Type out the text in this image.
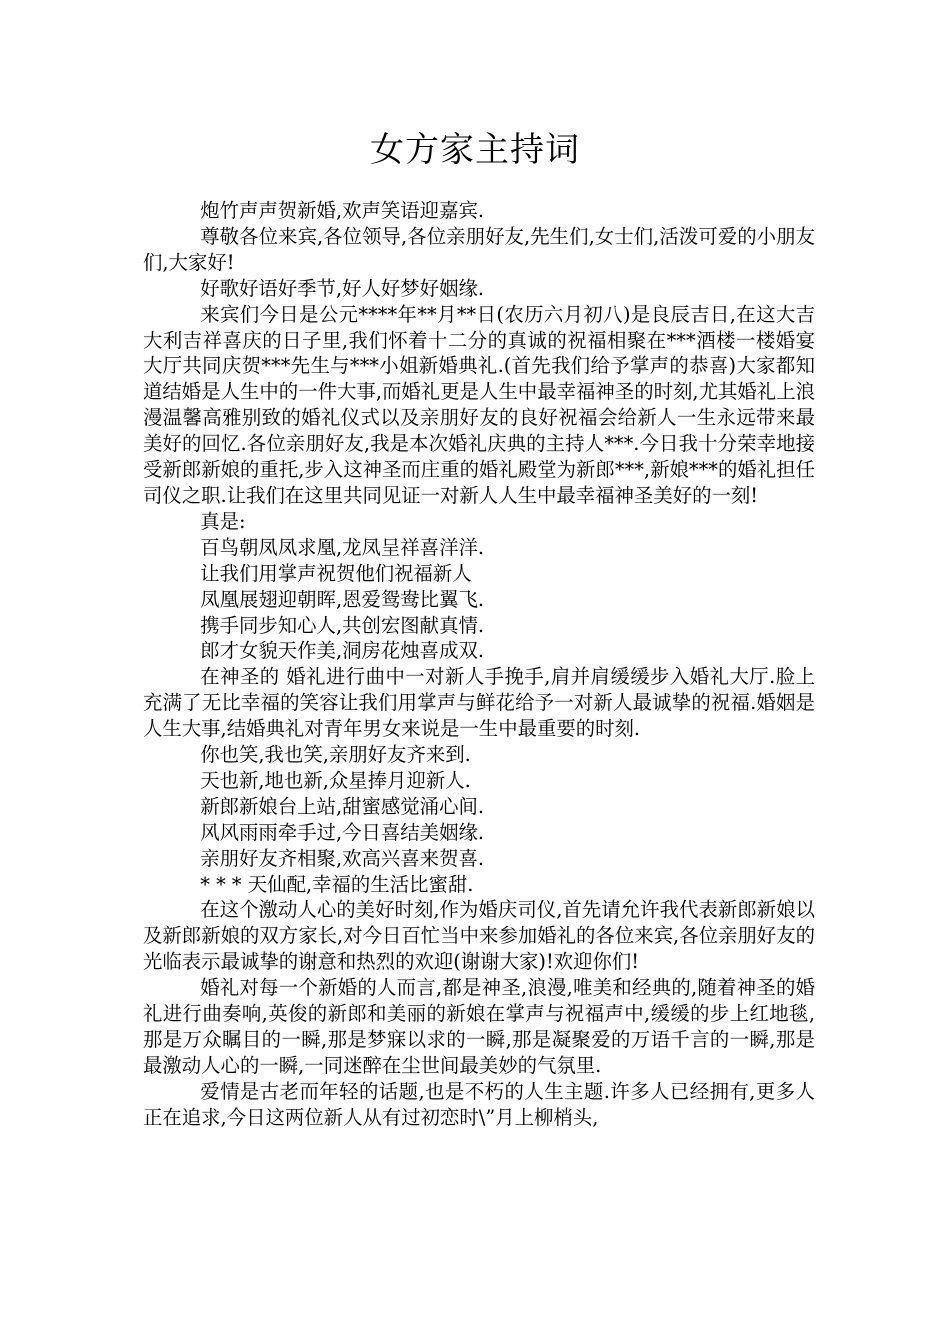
女方家主持词

炮竹声声贺新婚,欢声笑语迎嘉宾.

尊敬各位来宾,各位领导,各位亲朋好友,先生们,女士们,活泼可爱的小朋友们,大家好!

好歌好语好季节,好人好梦好姻缘.

来宾们今日是公元****年**月**日(农历六月初八)是良辰吉日,在这大吉大利吉祥喜庆的日子里,我们怀着十二分的真诚的祝福相聚在***酒楼一楼婚宴大厅共同庆贺***先生与***小姐新婚典礼.(首先我们给予掌声的恭喜)大家都知道结婚是人生中的一件大事,而婚礼更是人生中最幸福神圣的时刻,尤其婚礼上浪漫温馨高雅别致的婚礼仪式以及亲朋好友的良好祝福会给新人一生永远带来最美好的回忆.各位亲朋好友,我是本次婚礼庆典的主持人***.今日我十分荣幸地接受新郎新娘的重托,步入这神圣而庄重的婚礼殿堂为新郎***,新娘***的婚礼担任司仪之职.让我们在这里共同见证一对新人人生中最幸福神圣美好的一刻!

真是:

百鸟朝凤凤求凰,龙凤呈祥喜洋洋.

让我们用掌声祝贺他们祝福新人

凤凰展翅迎朝晖,恩爱鸳鸯比翼飞.

携手同步知心人,共创宏图献真情.

郎才女貌天作美,洞房花烛喜成双.

在神圣的 婚礼进行曲中一对新人手挽手,肩并肩缓缓步入婚礼大厅.脸上充满了无比幸福的笑容让我们用掌声与鲜花给予一对新人最诚挚的祝福.婚姻是人生大事,结婚典礼对青年男女来说是一生中最重要的时刻.

你也笑,我也笑,亲朋好友齐来到.

天也新,地也新,众星捧月迎新人.

新郎新娘台上站,甜蜜感觉涌心间.

风风雨雨牵手过,今日喜结美姻缘.

亲朋好友齐相聚,欢高兴喜来贺喜.

* * * 天仙配,幸福的生活比蜜甜.

在这个激动人心的美好时刻,作为婚庆司仪,首先请允许我代表新郎新娘以及新郎新娘的双方家长,对今日百忙当中来参加婚礼的各位来宾,各位亲朋好友的光临表示最诚挚的谢意和热烈的欢迎(谢谢大家)!欢迎你们!

婚礼对每一个新婚的人而言,都是神圣,浪漫,唯美和经典的,随着神圣的婚礼进行曲奏响,英俊的新郎和美丽的新娘在掌声与祝福声中,缓缓的步上红地毯,那是万众瞩目的一瞬,那是梦寐以求的一瞬,那是凝聚爱的万语千言的一瞬,那是最激动人心的一瞬,一同迷醉在尘世间最美妙的气氛里.

爱情是古老而年轻的话题,也是不朽的人生主题.许多人已经拥有,更多人正在追求,今日这两位新人从有过初恋时\”月上柳梢头,
